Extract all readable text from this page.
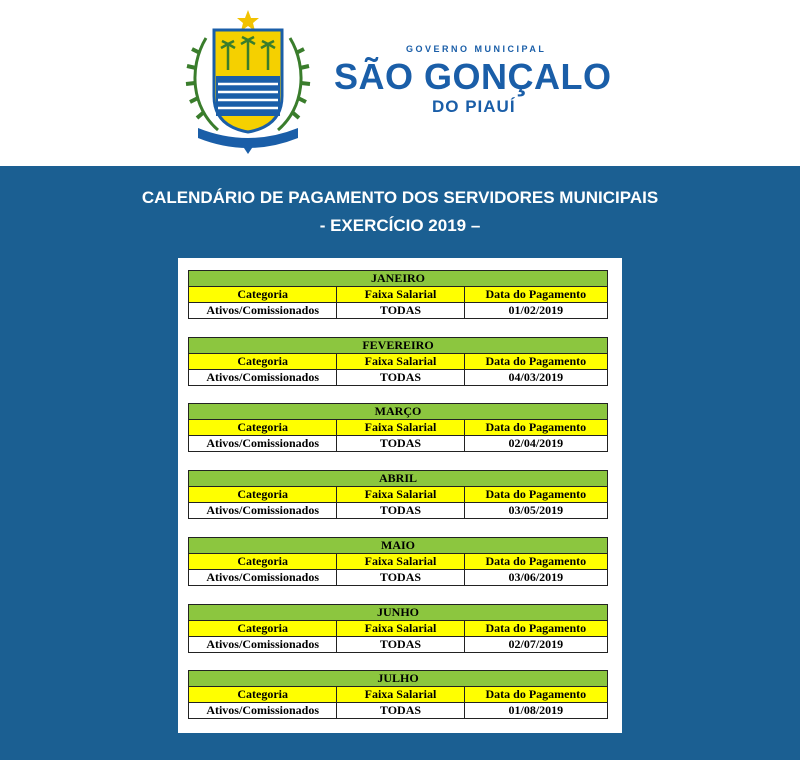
GOVERNO MUNICIPAL
SÃO GONÇALO
DO PIAUÍ
CALENDÁRIO DE PAGAMENTO DOS SERVIDORES MUNICIPAIS
- EXERCÍCIO 2019 –
JANEIRO		
Categoria	Faixa Salarial	Data do Pagamento
Ativos/Comissionados	TODAS	01/02/2019
FEVEREIRO		
Categoria	Faixa Salarial	Data do Pagamento
Ativos/Comissionados	TODAS	04/03/2019
MARÇO		
Categoria	Faixa Salarial	Data do Pagamento
Ativos/Comissionados	TODAS	02/04/2019
ABRIL		
Categoria	Faixa Salarial	Data do Pagamento
Ativos/Comissionados	TODAS	03/05/2019
MAIO		
Categoria	Faixa Salarial	Data do Pagamento
Ativos/Comissionados	TODAS	03/06/2019
JUNHO		
Categoria	Faixa Salarial	Data do Pagamento
Ativos/Comissionados	TODAS	02/07/2019
JULHO		
Categoria	Faixa Salarial	Data do Pagamento
Ativos/Comissionados	TODAS	01/08/2019
